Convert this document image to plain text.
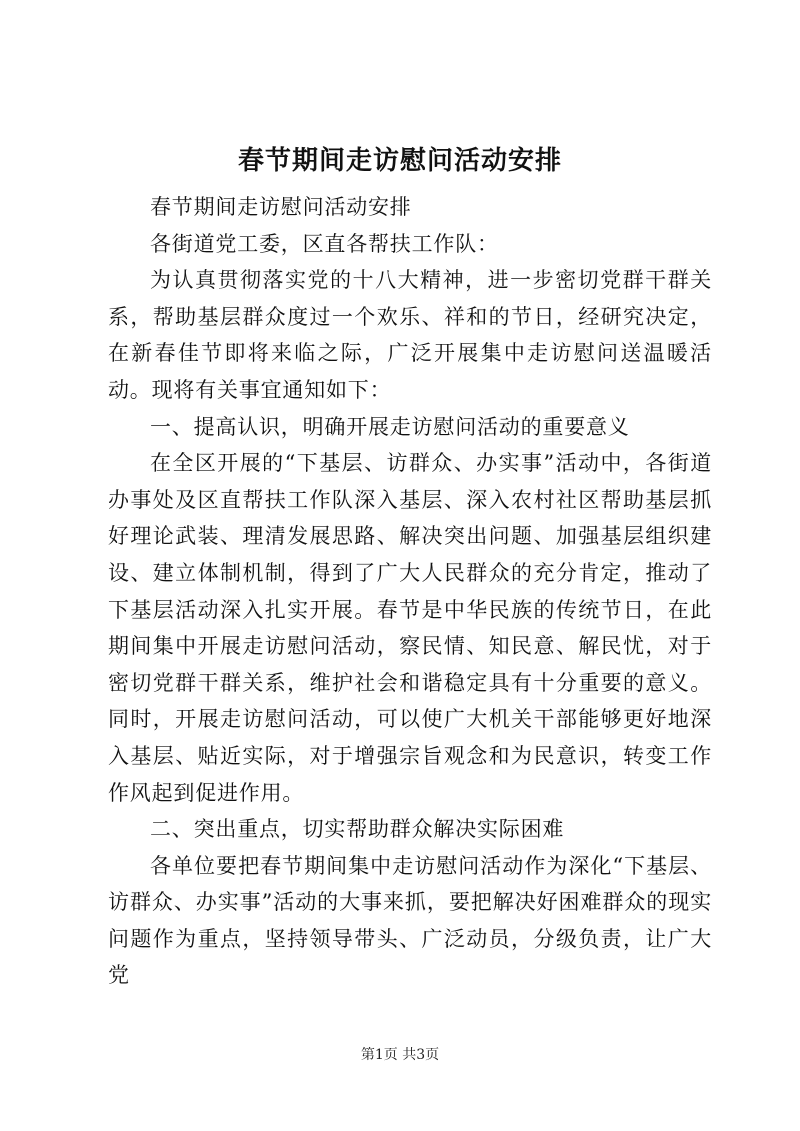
春节期间走访慰问活动安排

春节期间走访慰问活动安排

各街道党工委，区直各帮扶工作队：

为认真贯彻落实党的十八大精神，进一步密切党群干群关系，帮助基层群众度过一个欢乐、祥和的节日，经研究决定，在新春佳节即将来临之际，广泛开展集中走访慰问送温暖活动。现将有关事宜通知如下：

一、提高认识，明确开展走访慰问活动的重要意义

在全区开展的“下基层、访群众、办实事”活动中，各街道办事处及区直帮扶工作队深入基层、深入农村社区帮助基层抓好理论武装、理清发展思路、解决突出问题、加强基层组织建设、建立体制机制，得到了广大人民群众的充分肯定，推动了下基层活动深入扎实开展。春节是中华民族的传统节日，在此期间集中开展走访慰问活动，察民情、知民意、解民忧，对于密切党群干群关系，维护社会和谐稳定具有十分重要的意义。同时，开展走访慰问活动，可以使广大机关干部能够更好地深入基层、贴近实际，对于增强宗旨观念和为民意识，转变工作作风起到促进作用。

二、突出重点，切实帮助群众解决实际困难

各单位要把春节期间集中走访慰问活动作为深化“下基层、访群众、办实事”活动的大事来抓，要把解决好困难群众的现实问题作为重点，坚持领导带头、广泛动员，分级负责，让广大党

第1页 共3页
